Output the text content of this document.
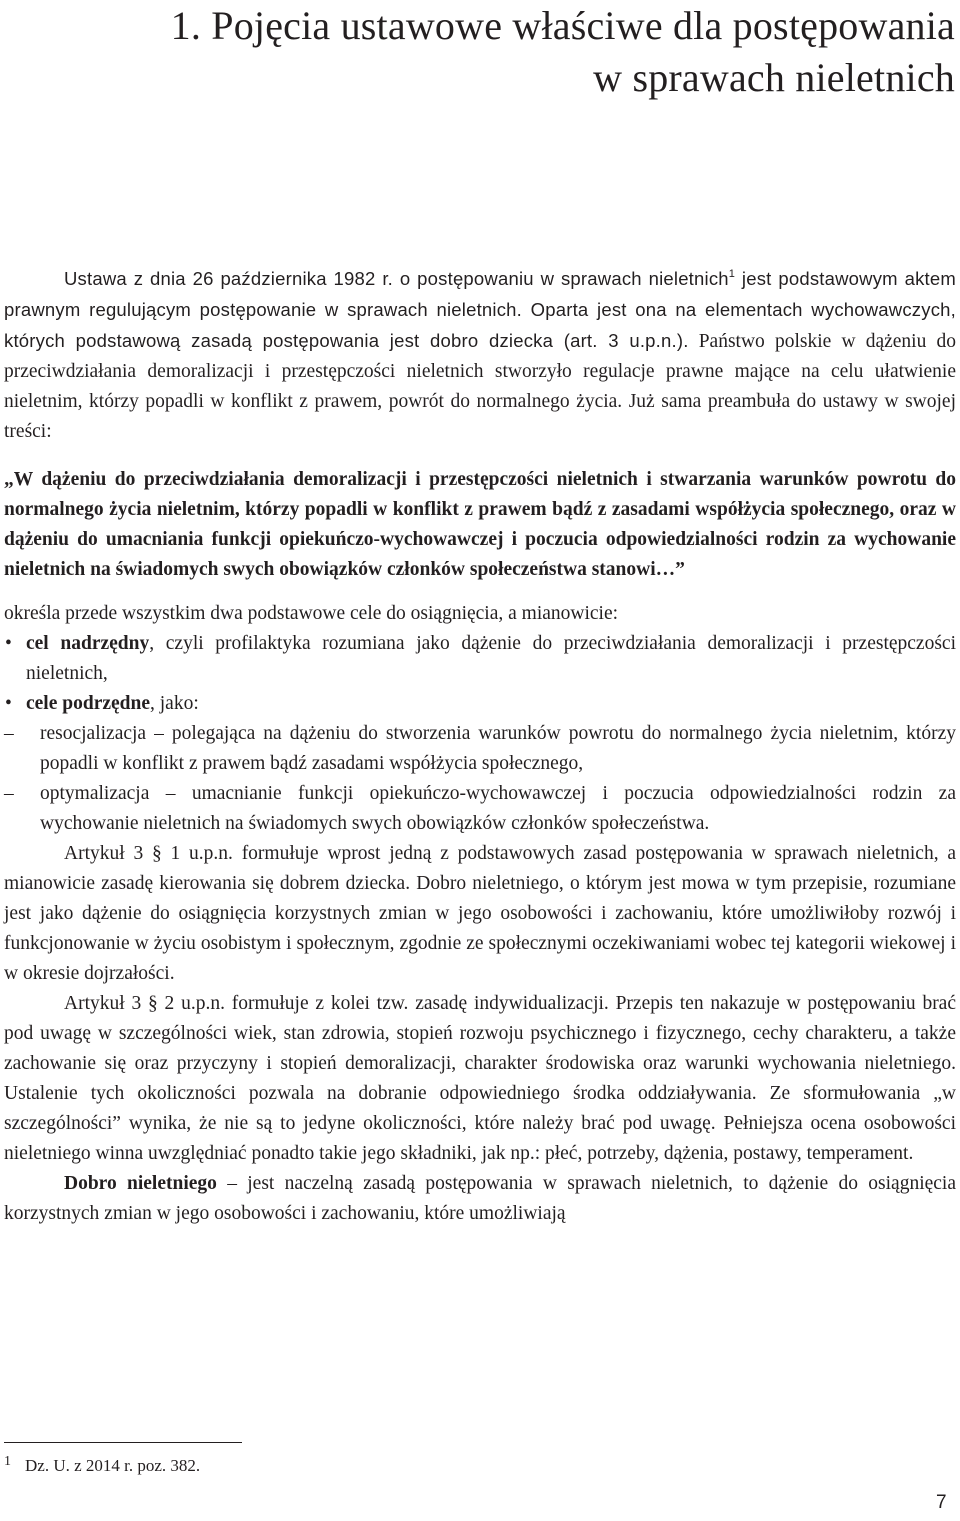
1. Pojęcia ustawowe właściwe dla postępowania
w sprawach nieletnich

Ustawa z dnia 26 października 1982 r. o postępowaniu w sprawach nieletnich$^1$ jest podstawowym aktem prawnym regulującym postępowanie w sprawach nieletnich. Oparta jest ona na elementach wychowawczych, których podstawową zasadą postępowania jest dobro dziecka (art. 3 u.p.n.). Państwo polskie w dążeniu do przeciwdziałania demoralizacji i przestępczości nieletnich stworzyło regulacje prawne mające na celu ułatwienie nieletnim, którzy popadli w konflikt z prawem, powrót do normalnego życia. Już sama preambuła do ustawy w swojej treści:

„W dążeniu do przeciwdziałania demoralizacji i przestępczości nieletnich i stwarzania warunków powrotu do normalnego życia nieletnim, którzy popadli w konflikt z prawem bądź z zasadami współżycia społecznego, oraz w dążeniu do umacniania funkcji opiekuńczo-wychowawczej i poczucia odpowiedzialności rodzin za wychowanie nieletnich na świadomych swych obowiązków członków społeczeństwa stanowi…”

określa przede wszystkim dwa podstawowe cele do osiągnięcia, a mianowicie:

• cel nadrzędny, czyli profilaktyka rozumiana jako dążenie do przeciwdziałania demoralizacji i przestępczości nieletnich,
• cele podrzędne, jako:
– resocjalizacja – polegająca na dążeniu do stworzenia warunków powrotu do normalnego życia nieletnim, którzy popadli w konflikt z prawem bądź zasadami współżycia społecznego,
– optymalizacja – umacnianie funkcji opiekuńczo-wychowawczej i poczucia odpowiedzialności rodzin za wychowanie nieletnich na świadomych swych obowiązków członków społeczeństwa.

Artykuł 3 § 1 u.p.n. formułuje wprost jedną z podstawowych zasad postępowania w sprawach nieletnich, a mianowicie zasadę kierowania się dobrem dziecka. Dobro nieletniego, o którym jest mowa w tym przepisie, rozumiane jest jako dążenie do osiągnięcia korzystnych zmian w jego osobowości i zachowaniu, które umożliwiłoby rozwój i funkcjonowanie w życiu osobistym i społecznym, zgodnie ze społecznymi oczekiwaniami wobec tej kategorii wiekowej i w okresie dojrzałości.

Artykuł 3 § 2 u.p.n. formułuje z kolei tzw. zasadę indywidualizacji. Przepis ten nakazuje w postępowaniu brać pod uwagę w szczególności wiek, stan zdrowia, stopień rozwoju psychicznego i fizycznego, cechy charakteru, a także zachowanie się oraz przyczyny i stopień demoralizacji, charakter środowiska oraz warunki wychowania nieletniego. Ustalenie tych okoliczności pozwala na dobranie odpowiedniego środka oddziaływania. Ze sformułowania „w szczególności” wynika, że nie są to jedyne okoliczności, które należy brać pod uwagę. Pełniejsza ocena osobowości nieletniego winna uwzględniać ponadto takie jego składniki, jak np.: płeć, potrzeby, dążenia, postawy, temperament.

Dobro nieletniego – jest naczelną zasadą postępowania w sprawach nieletnich, to dążenie do osiągnięcia korzystnych zmian w jego osobowości i zachowaniu, które umożliwiają

$^1$ Dz. U. z 2014 r. poz. 382.
7
